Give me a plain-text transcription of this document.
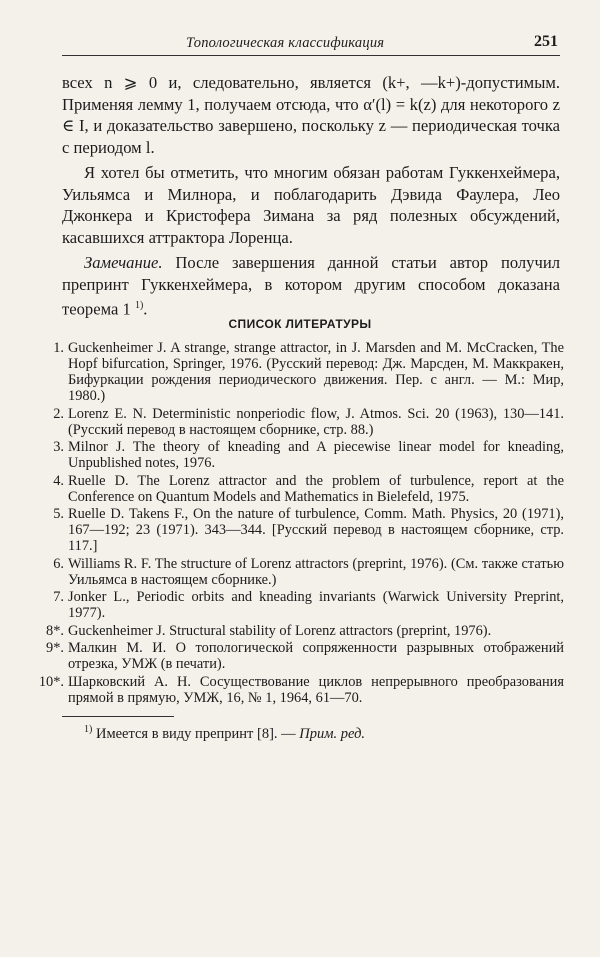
Топологическая классификация	251

всех n ⩾ 0 и, следовательно, является (k+, —k+)-допустимым. Применяя лемму 1, получаем отсюда, что α′(l) = k(z) для некоторого z ∈ I, и доказательство завершено, поскольку z — периодическая точка с периодом l.

Я хотел бы отметить, что многим обязан работам Гуккенхеймера, Уильямса и Милнора, и поблагодарить Дэвида Фаулера, Лео Джонкера и Кристофера Зимана за ряд полезных обсуждений, касавшихся аттрактора Лоренца.

Замечание. После завершения данной статьи автор получил препринт Гуккенхеймера, в котором другим способом доказана теорема 1 $^{1)}$.

СПИСОК ЛИТЕРАТУРЫ
1. Guckenheimer J. A strange, strange attractor, in J. Marsden and M. McCracken, The Hopf bifurcation, Springer, 1976. (Русский перевод: Дж. Марсден, М. Маккракен, Бифуркации рождения периодического движения. Пер. с англ. — М.: Мир, 1980.)
2. Lorenz E. N. Deterministic nonperiodic flow, J. Atmos. Sci. 20 (1963), 130—141. (Русский перевод в настоящем сборнике, стр. 88.)
3. Milnor J. The theory of kneading and A piecewise linear model for kneading, Unpublished notes, 1976.
4. Ruelle D. The Lorenz attractor and the problem of turbulence, report at the Conference on Quantum Models and Mathematics in Bielefeld, 1975.
5. Ruelle D. Takens F., On the nature of turbulence, Comm. Math. Physics, 20 (1971), 167—192; 23 (1971). 343—344. [Русский перевод в настоящем сборнике, стр. 117.]
6. Williams R. F. The structure of Lorenz attractors (preprint, 1976). (См. также статью Уильямса в настоящем сборнике.)
7. Jonker L., Periodic orbits and kneading invariants (Warwick University Preprint, 1977).
8*. Guckenheimer J. Structural stability of Lorenz attractors (preprint, 1976).
9*. Малкин М. И. О топологической сопряженности разрывных отображений отрезка, УМЖ (в печати).
10*. Шарковский А. Н. Сосуществование циклов непрерывного преобразования прямой в прямую, УМЖ, 16, № 1, 1964, 61—70.
$^{1)}$ Имеется в виду препринт [8]. — Прим. ред.
